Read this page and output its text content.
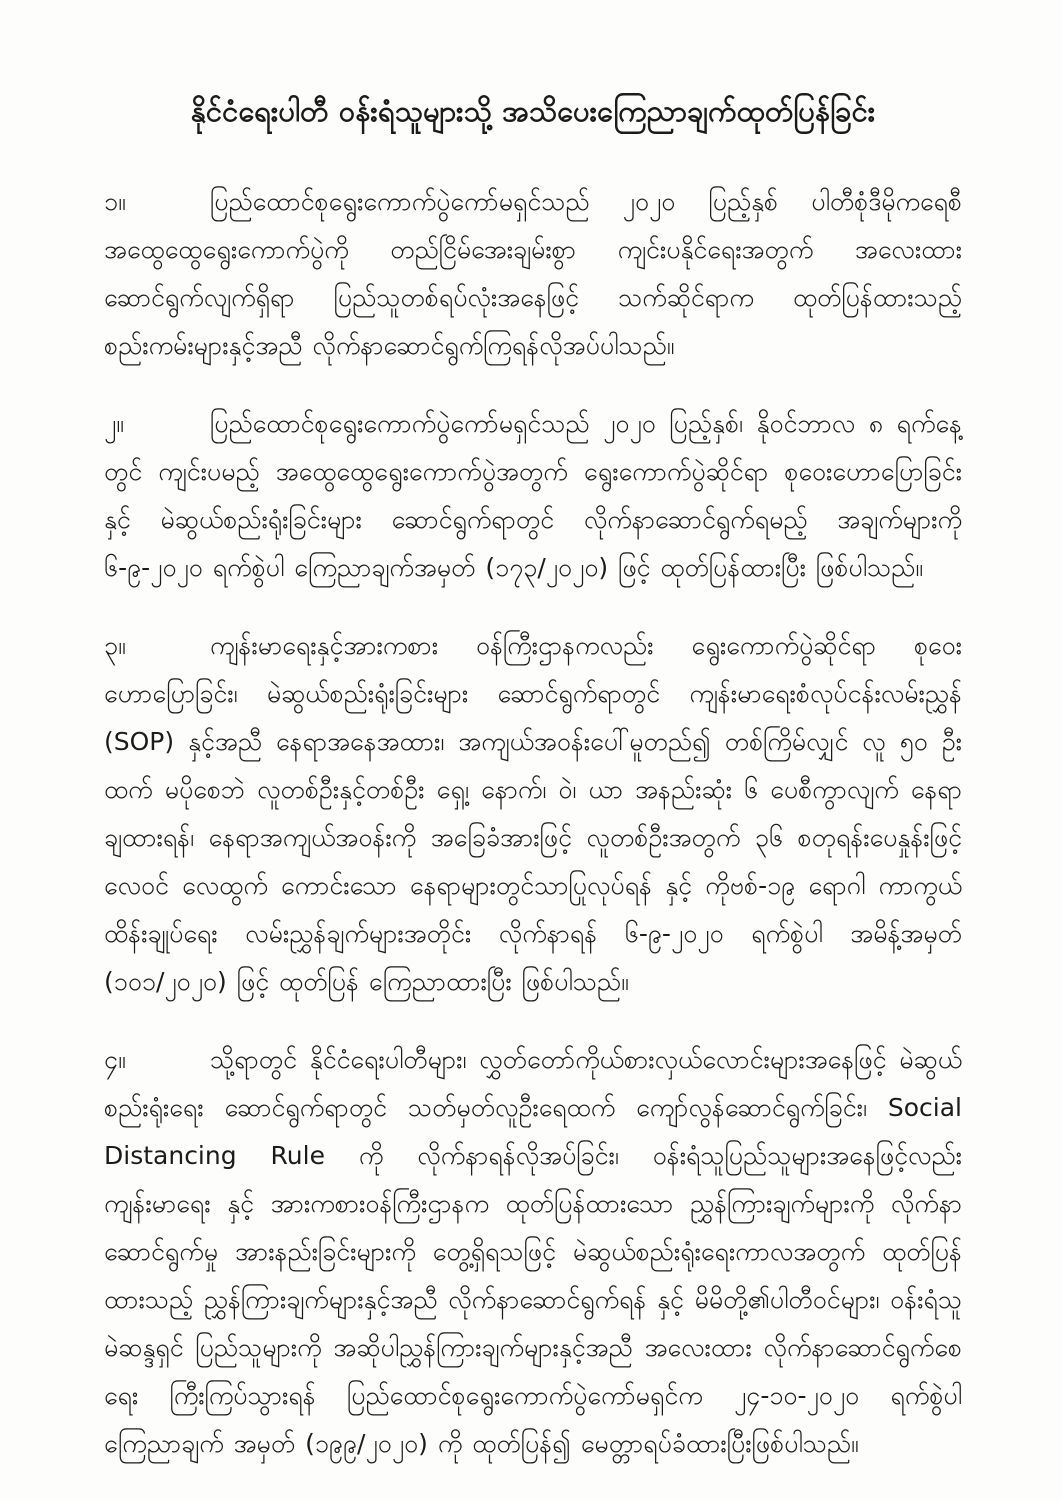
နိုင်ငံရေးပါတီ ဝန်းရံသူများသို့ အသိပေးကြေညာချက်ထုတ်ပြန်ခြင်း

၁။	ပြည်ထောင်စုရွေးကောက်ပွဲကော်မရှင်သည် ၂၀၂၀ ပြည့်နှစ် ပါတီစုံဒီမိုကရေစီ အထွေထွေရွေးကောက်ပွဲကို တည်ငြိမ်အေးချမ်းစွာ ကျင်းပနိုင်ရေးအတွက် အလေးထား ဆောင်ရွက်လျက်ရှိရာ ပြည်သူတစ်ရပ်လုံးအနေဖြင့် သက်ဆိုင်ရာက ထုတ်ပြန်ထားသည့် စည်းကမ်းများနှင့်အညီ လိုက်နာဆောင်ရွက်ကြရန်လိုအပ်ပါသည်။

၂။	ပြည်ထောင်စုရွေးကောက်ပွဲကော်မရှင်သည် ၂၀၂၀ ပြည့်နှစ်၊ နိုဝင်ဘာလ ၈ ရက်နေ့တွင် ကျင်းပမည့် အထွေထွေရွေးကောက်ပွဲအတွက် ရွေးကောက်ပွဲဆိုင်ရာ စုဝေးဟောပြောခြင်းနှင့် မဲဆွယ်စည်းရုံးခြင်းများ ဆောင်ရွက်ရာတွင် လိုက်နာဆောင်ရွက်ရမည့် အချက်များကို ၆-၉-၂၀၂၀ ရက်စွဲပါ ကြေညာချက်အမှတ် (၁၇၃/၂၀၂၀) ဖြင့် ထုတ်ပြန်ထားပြီး ဖြစ်ပါသည်။

၃။	ကျန်းမာရေးနှင့်အားကစား ဝန်ကြီးဌာနကလည်း ရွေးကောက်ပွဲဆိုင်ရာ စုဝေး ဟောပြောခြင်း၊ မဲဆွယ်စည်းရုံးခြင်းများ ဆောင်ရွက်ရာတွင် ကျန်းမာရေးစံလုပ်ငန်းလမ်းညွှန် (SOP) နှင့်အညီ နေရာအနေအထား၊ အကျယ်အဝန်းပေါ်မူတည်၍ တစ်ကြိမ်လျှင် လူ ၅၀ ဦး ထက် မပိုစေဘဲ လူတစ်ဦးနှင့်တစ်ဦး ရှေ့၊ နောက်၊ ဝဲ၊ ယာ အနည်းဆုံး ၆ ပေစီကွာလျက် နေရာချထားရန်၊ နေရာအကျယ်အဝန်းကို အခြေခံအားဖြင့် လူတစ်ဦးအတွက် ၃၆ စတုရန်းပေနှုန်းဖြင့် လေဝင် လေထွက် ကောင်းသော နေရာများတွင်သာပြုလုပ်ရန် နှင့် ကိုဗစ်-၁၉ ရောဂါ ကာကွယ်ထိန်းချုပ်ရေး လမ်းညွှန်ချက်များအတိုင်း လိုက်နာရန် ၆-၉-၂၀၂၀ ရက်စွဲပါ အမိန့်အမှတ် (၁၀၁/၂၀၂၀) ဖြင့် ထုတ်ပြန် ကြေညာထားပြီး ဖြစ်ပါသည်။

၄။	သို့ရာတွင် နိုင်ငံရေးပါတီများ၊ လွှတ်တော်ကိုယ်စားလှယ်လောင်းများအနေဖြင့် မဲဆွယ် စည်းရုံးရေး ဆောင်ရွက်ရာတွင် သတ်မှတ်လူဦးရေထက် ကျော်လွန်ဆောင်ရွက်ခြင်း၊ Social Distancing Rule ကို လိုက်နာရန်လိုအပ်ခြင်း၊ ဝန်းရံသူပြည်သူများအနေဖြင့်လည်း ကျန်းမာရေး နှင့် အားကစားဝန်ကြီးဌာနက ထုတ်ပြန်ထားသော ညွှန်ကြားချက်များကို လိုက်နာဆောင်ရွက်မှု အားနည်းခြင်းများကို တွေ့ရှိရသဖြင့် မဲဆွယ်စည်းရုံးရေးကာလအတွက် ထုတ်ပြန်ထားသည့် ညွှန်ကြားချက်များနှင့်အညီ လိုက်နာဆောင်ရွက်ရန် နှင့် မိမိတို့၏ပါတီဝင်များ၊ ဝန်းရံသူမဲဆန္ဒရှင် ပြည်သူများကို အဆိုပါညွှန်ကြားချက်များနှင့်အညီ အလေးထား လိုက်နာဆောင်ရွက်စေရေး ကြီးကြပ်သွားရန် ပြည်ထောင်စုရွေးကောက်ပွဲကော်မရှင်က ၂၄-၁၀-၂၀၂၀ ရက်စွဲပါ ကြေညာချက် အမှတ် (၁၉၉/၂၀၂၀) ကို ထုတ်ပြန်၍ မေတ္တာရပ်ခံထားပြီးဖြစ်ပါသည်။
